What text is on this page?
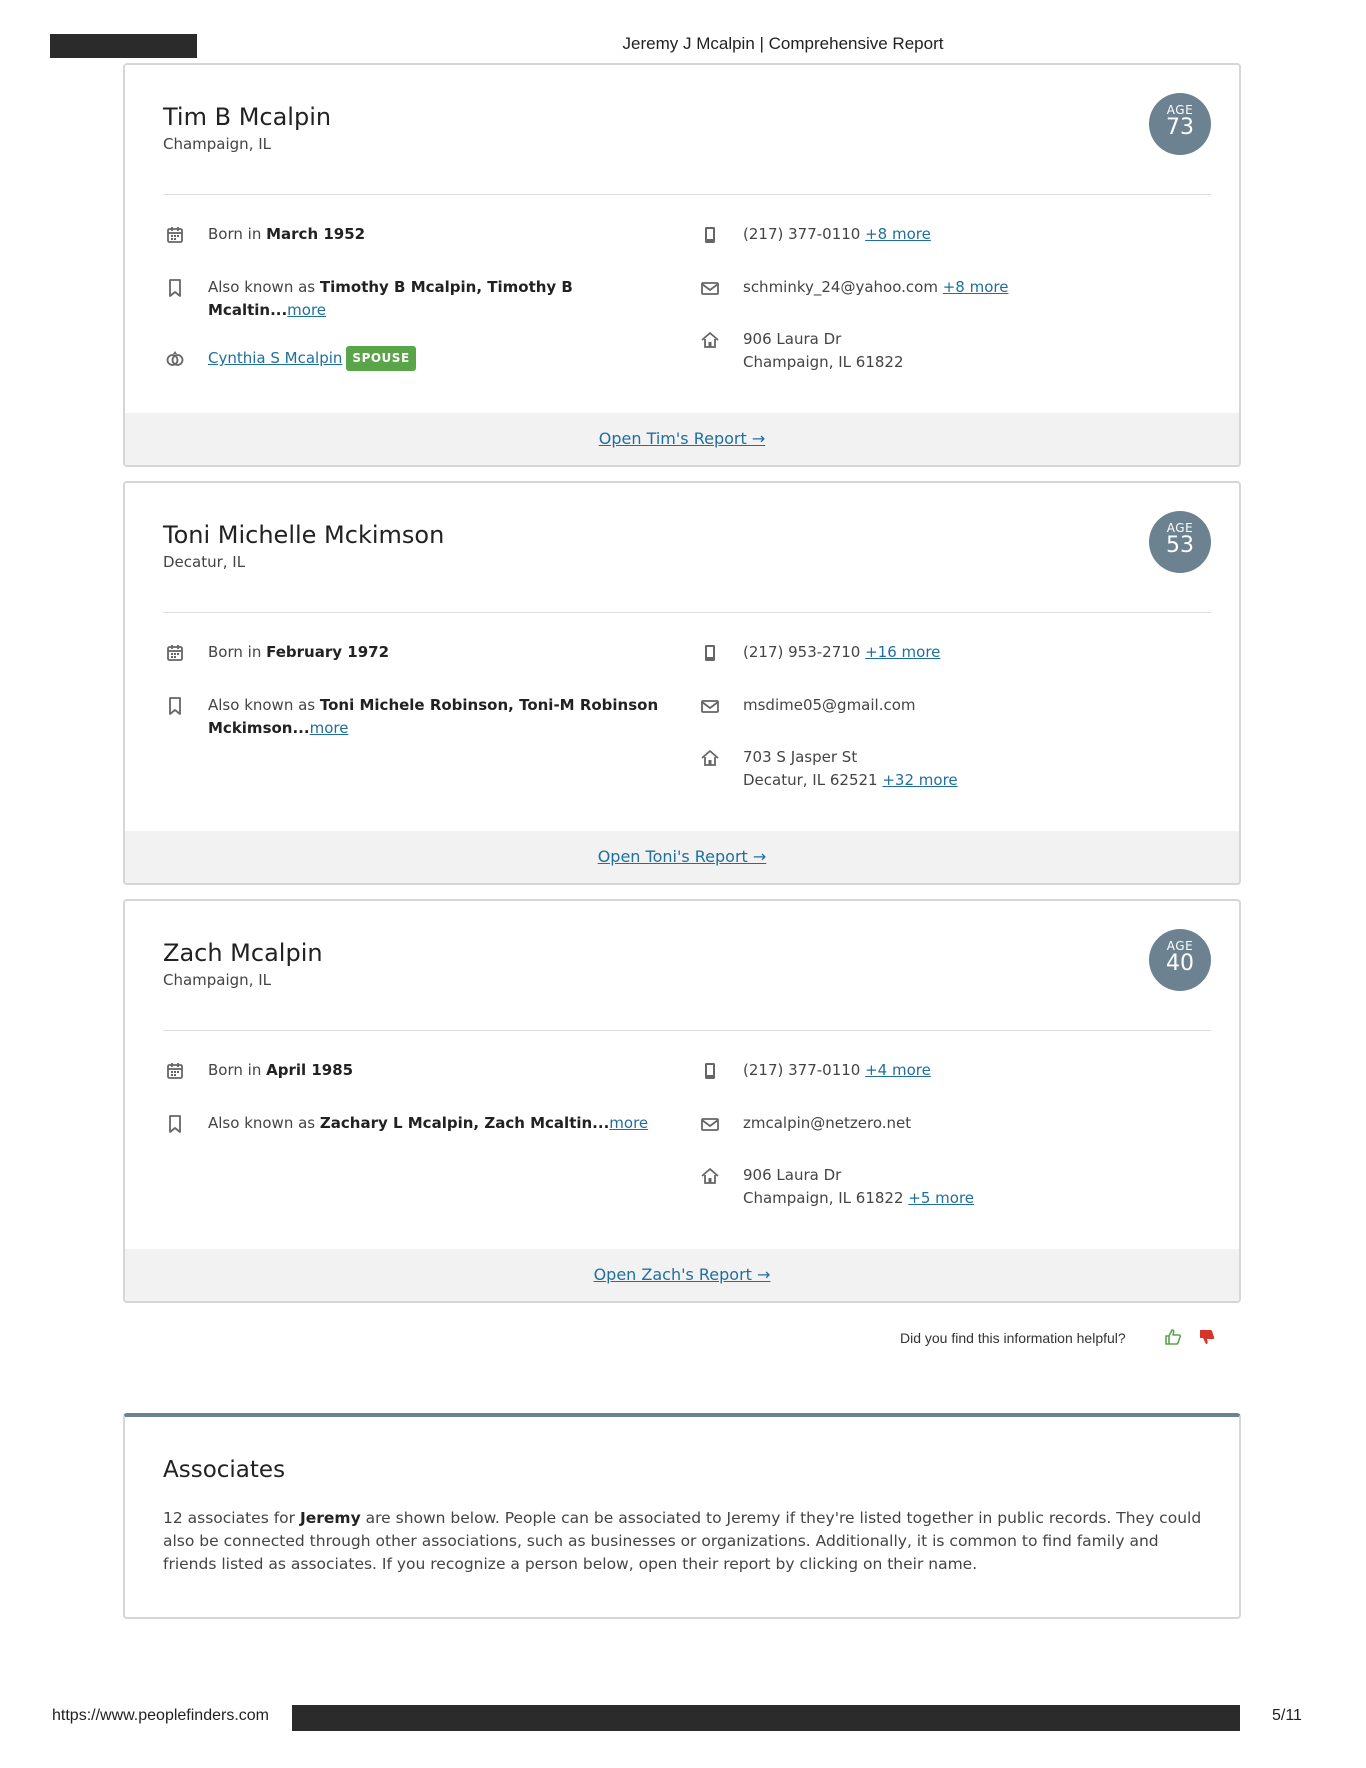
Jeremy J Mcalpin | Comprehensive Report
Tim B Mcalpin
Champaign, IL
AGE
73
Born in March 1952
Also known as Timothy B Mcalpin, Timothy B Mcaltin...more
Cynthia S Mcalpin SPOUSE
(217) 377-0110 +8 more
schminky_24@yahoo.com +8 more
906 Laura Dr
Champaign, IL 61822
Open Tim's Report →
Toni Michelle Mckimson
Decatur, IL
AGE
53
Born in February 1972
Also known as Toni Michele Robinson, Toni-M Robinson Mckimson...more
(217) 953-2710 +16 more
msdime05@gmail.com
703 S Jasper St
Decatur, IL 62521 +32 more
Open Toni's Report →
Zach Mcalpin
Champaign, IL
AGE
40
Born in April 1985
Also known as Zachary L Mcalpin, Zach Mcaltin...more
(217) 377-0110 +4 more
zmcalpin@netzero.net
906 Laura Dr
Champaign, IL 61822 +5 more
Open Zach's Report →
Did you find this information helpful?
Associates
12 associates for Jeremy are shown below. People can be associated to Jeremy if they're listed together in public records. They could also be connected through other associations, such as businesses or organizations. Additionally, it is common to find family and friends listed as associates. If you recognize a person below, open their report by clicking on their name.
https://www.peoplefinders.com	5/11
